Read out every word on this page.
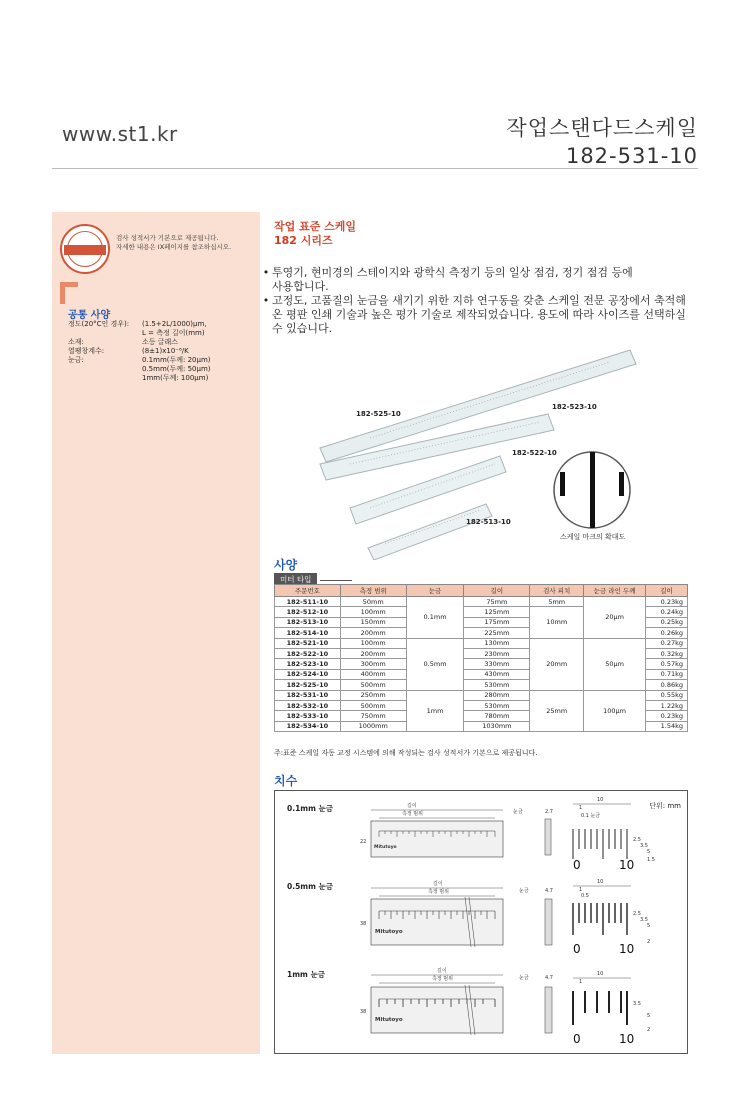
www.st1.kr	작업스탠다드스케일
182-531-10
검사 성적서가 기본으로 제공됩니다.
자세한 내용은 IX페이지를 참조하십시오.
공통 사양
정도(20°C인 경우):	(1.5+2L/1000)μm,
L = 측정 길이(mm)
소재:	소등 글래스
열팽창계수:	(8±1)x10⁻⁶/K
눈금:	0.1mm(두께: 20μm)
0.5mm(두께: 50μm)
1mm(두께: 100μm)
작업 표준 스케일
182 시리즈
• 투영기, 현미경의 스테이지와 광학식 측정기 등의 일상 점검, 정기 점검 등에
사용합니다.
• 고정도, 고품질의 눈금을 새기기 위한 지하 연구동을 갖춘 스케일 전문 공장에서 축적해
온 평판 인쇄 기술과 높은 평가 기술로 제작되었습니다. 용도에 따라 사이즈를 선택하실
수 있습니다.
182-525-10
182-523-10
182-522-10
182-513-10
스케일 마크의 확대도
사양
미터 타입
주문번호	측정 범위	눈금	길이	검사 피치	눈금 라인 두께	길이
182-511-10	50mm	0.1mm	75mm	5mm	20μm	0.23kg
182-512-10	100mm		125mm	10mm		0.24kg
182-513-10	150mm		175mm			0.25kg
182-514-10	200mm		225mm			0.26kg
182-521-10	100mm	0.5mm	130mm	20mm	50μm	0.27kg
182-522-10	200mm		230mm			0.32kg
182-523-10	300mm		330mm			0.57kg
182-524-10	400mm		430mm			0.71kg
182-525-10	500mm		530mm			0.86kg
182-531-10	250mm	1mm	280mm	25mm	100μm	0.55kg
182-532-10	500mm		530mm			1.22kg
182-533-10	750mm		780mm			0.23kg
182-534-10	1000mm		1030mm			1.54kg
주:표준 스케일 자동 교정 시스템에 의해 작성되는 검사 성적서가 기본으로 제공됩니다.
치수
단위: mm
0.1mm 눈금
0.5mm 눈금
1mm 눈금
길이
측정 범위
Mitutoyo
22
눈금	2.7
10
1
0.1 눈금
2.5
3.5
5
1.5
0	10
길이
측정 범위
Mitutoyo
38
눈금	4.7
10
1
0.5
2.5
3.5
5
2
0	10
길이
측정 범위
Mitutoyo
38
눈금	4.7
10
1
3.5
5
2
0	10
